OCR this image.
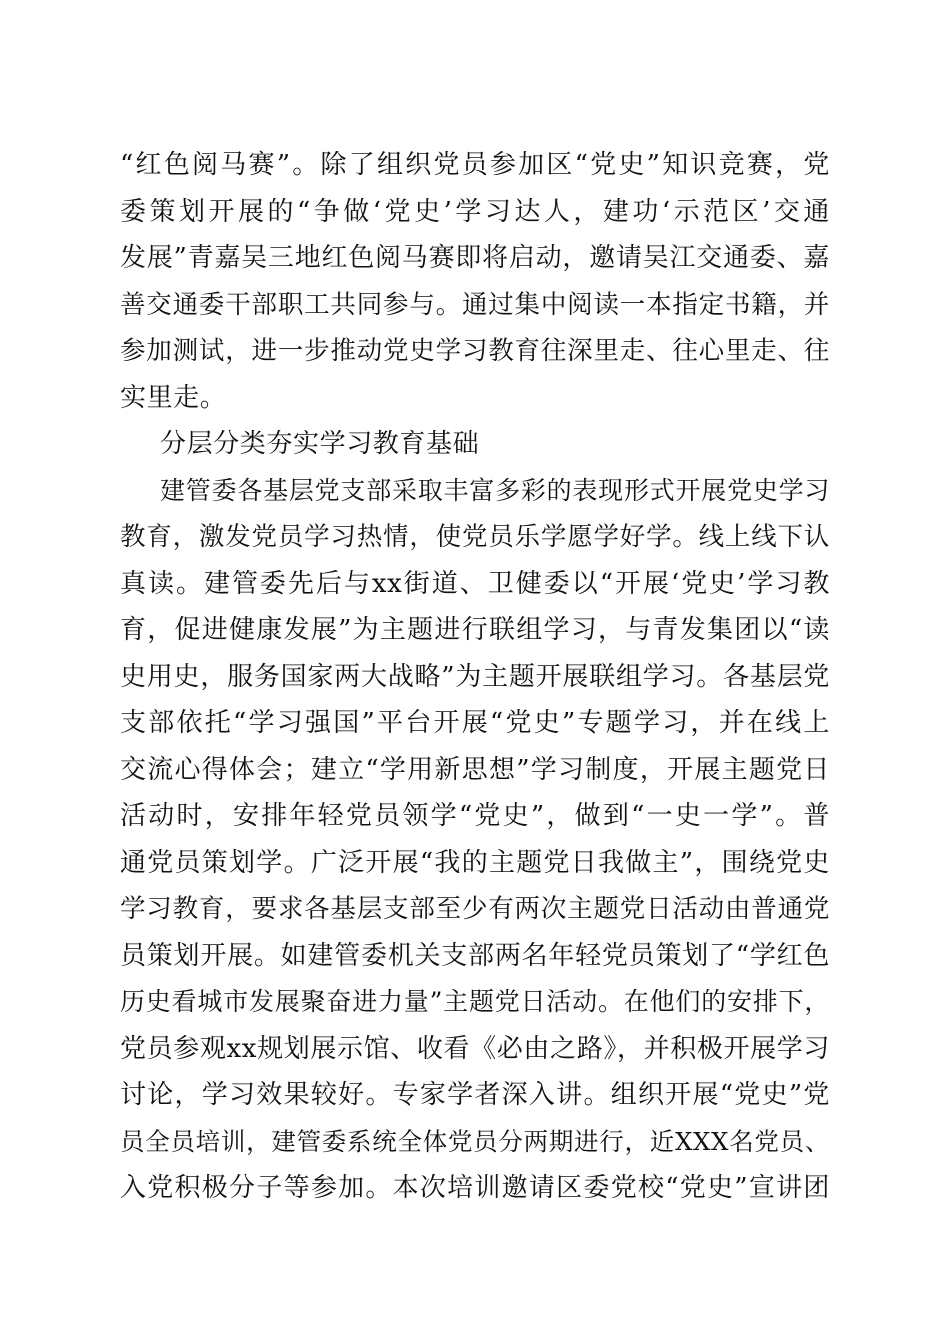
“红色阅马赛”。除了组织党员参加区“党史”知识竞赛，党
委策划开展的“争做‘党史’学习达人，建功‘示范区’交通
发展”青嘉吴三地红色阅马赛即将启动，邀请吴江交通委、嘉
善交通委干部职工共同参与。通过集中阅读一本指定书籍，并
参加测试，进一步推动党史学习教育往深里走、往心里走、往
实里走。
分层分类夯实学习教育基础
建管委各基层党支部采取丰富多彩的表现形式开展党史学习
教育，激发党员学习热情，使党员乐学愿学好学。线上线下认
真读。建管委先后与xx街道、卫健委以“开展‘党史’学习教
育，促进健康发展”为主题进行联组学习，与青发集团以“读
史用史，服务国家两大战略”为主题开展联组学习。各基层党
支部依托“学习强国”平台开展“党史”专题学习，并在线上
交流心得体会；建立“学用新思想”学习制度，开展主题党日
活动时，安排年轻党员领学“党史”，做到“一史一学”。普
通党员策划学。广泛开展“我的主题党日我做主”，围绕党史
学习教育，要求各基层支部至少有两次主题党日活动由普通党
员策划开展。如建管委机关支部两名年轻党员策划了“学红色
历史看城市发展聚奋进力量”主题党日活动。在他们的安排下，
党员参观xx规划展示馆、收看《必由之路》，并积极开展学习
讨论，学习效果较好。专家学者深入讲。组织开展“党史”党
员全员培训，建管委系统全体党员分两期进行，近XXX名党员、
入党积极分子等参加。本次培训邀请区委党校“党史”宣讲团
